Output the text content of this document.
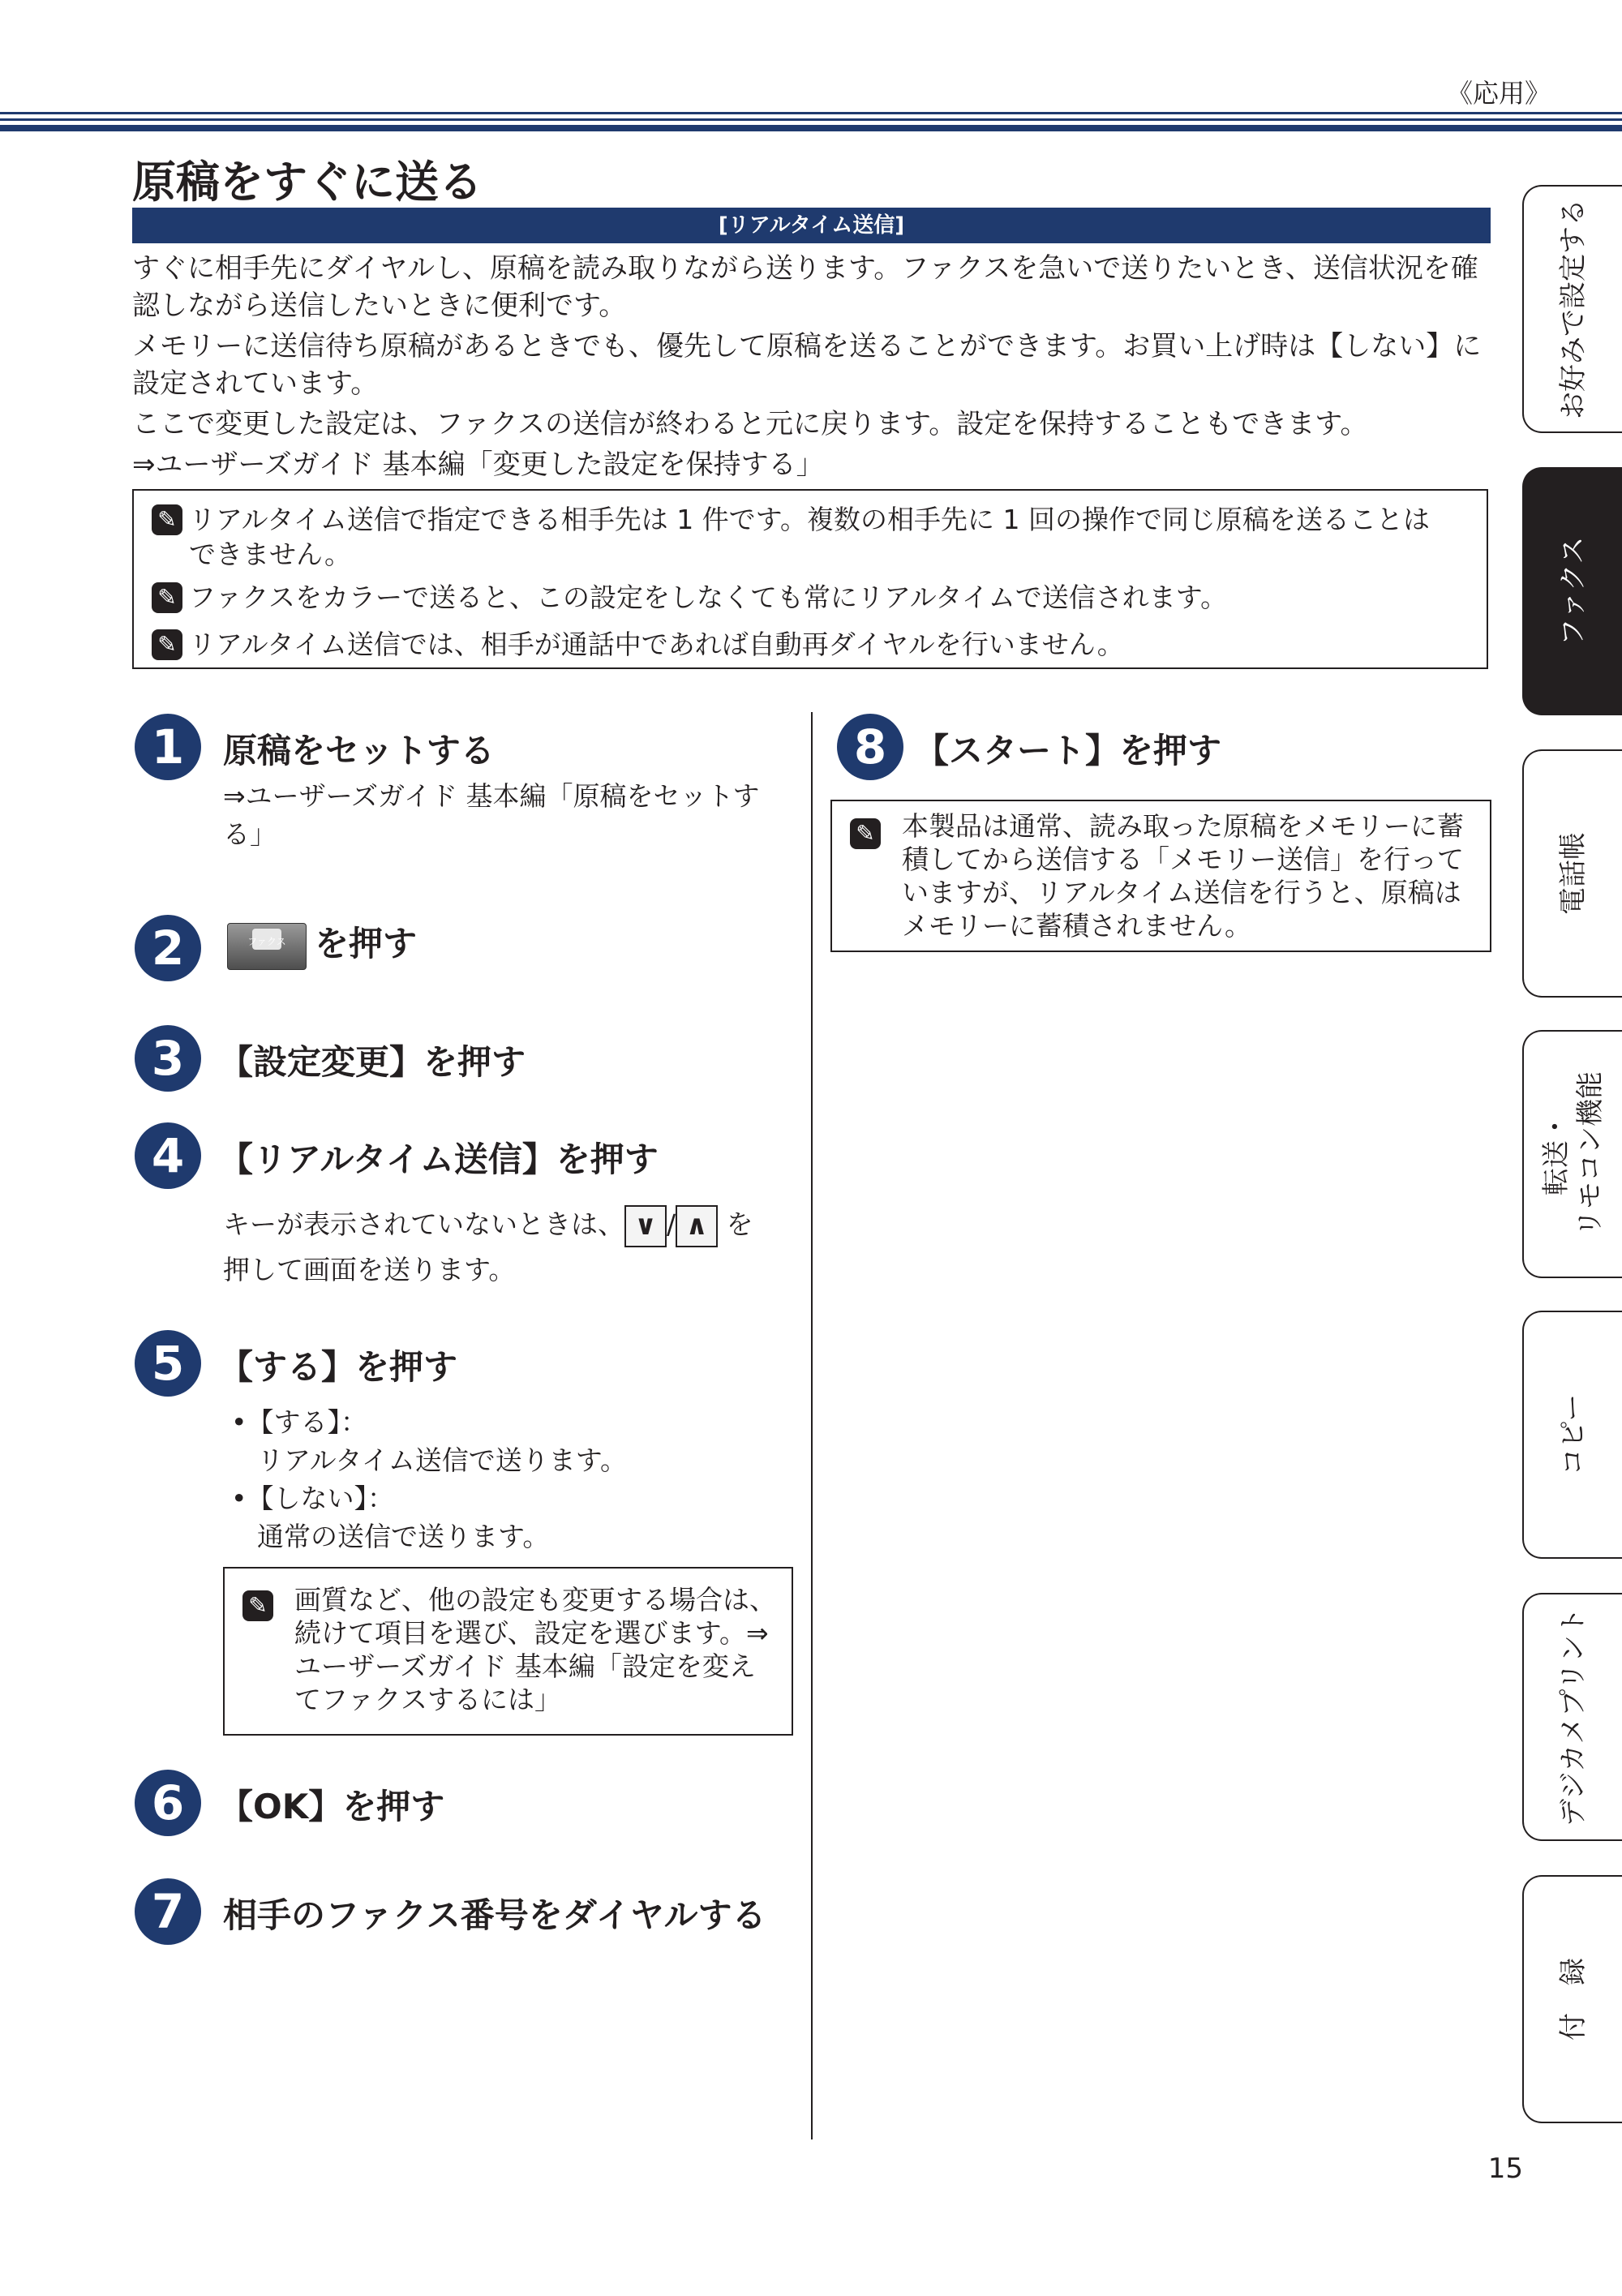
《応用》
原稿をすぐに送る
[リアルタイム送信]

すぐに相手先にダイヤルし、原稿を読み取りながら送ります。ファクスを急いで送りたいとき、送信状況を確認しながら送信したいときに便利です。

メモリーに送信待ち原稿があるときでも、優先して原稿を送ることができます。お買い上げ時は【しない】に設定されています。

ここで変更した設定は、ファクスの送信が終わると元に戻ります。設定を保持することもできます。

⇒ユーザーズガイド 基本編「変更した設定を保持する」

✎ リアルタイム送信で指定できる相手先は 1 件です。複数の相手先に 1 回の操作で同じ原稿を送ることはできません。
✎ ファクスをカラーで送ると、この設定をしなくても常にリアルタイムで送信されます。
✎ リアルタイム送信では、相手が通話中であれば自動再ダイヤルを行いません。
1	原稿をセットする
⇒ユーザーズガイド 基本編「原稿をセットする」
2	ファクス を押す
3	【設定変更】を押す
4	【リアルタイム送信】を押す
キーが表示されていないときは、 ∨ / ∧ を
押して画面を送ります。
5	【する】を押す
•【する】：
リアルタイム送信で送ります。
•【しない】：
通常の送信で送ります。
✎ 画質など、他の設定も変更する場合は、続けて項目を選び、設定を選びます。⇒ユーザーズガイド 基本編「設定を変えてファクスするには」
6	【OK】を押す
7	相手のファクス番号をダイヤルする
8 【スタート】を押す
✎ 本製品は通常、読み取った原稿をメモリーに蓄積してから送信する「メモリー送信」を行っていますが、リアルタイム送信を行うと、原稿はメモリーに蓄積されません。
お好みで設定する
ファクス
電話帳
転送・
リモコン機能
コピー
デジカメプリント
付　録
15
